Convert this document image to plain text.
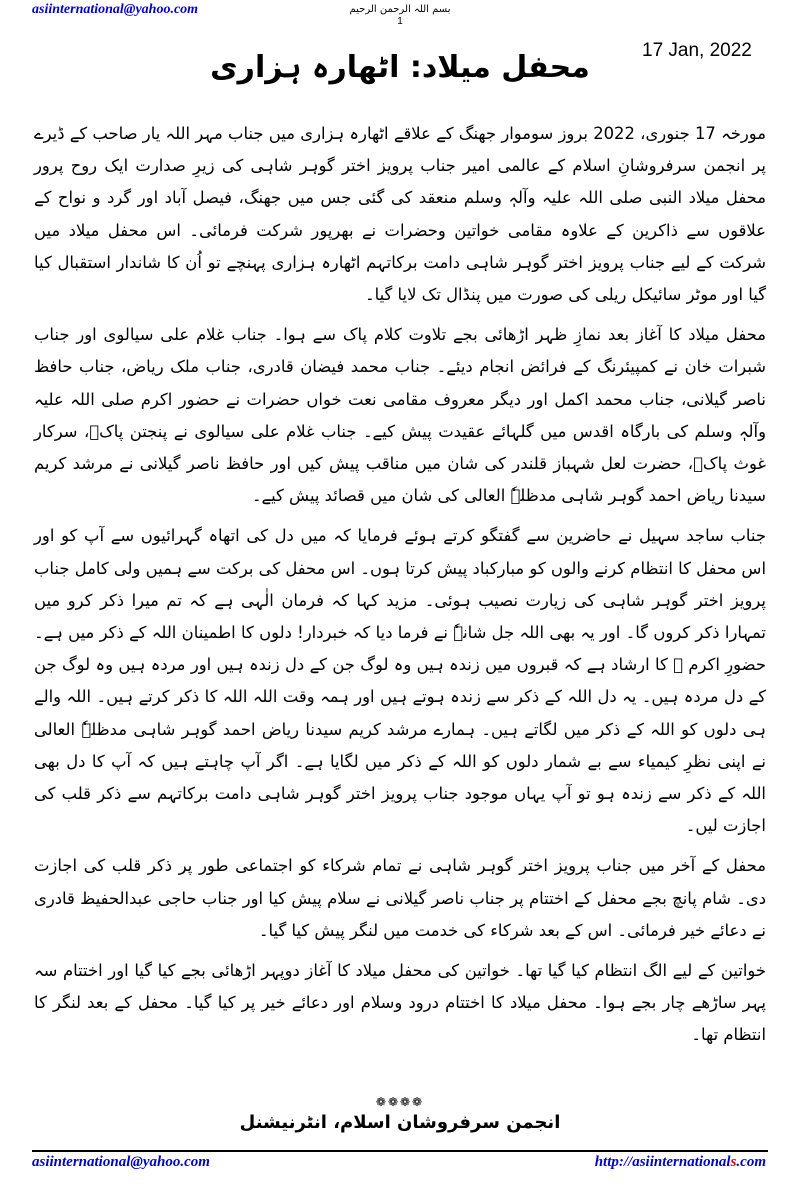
asiinternational@yahoo.com	بسم اللہ الرحمن الرحیم
1
17 Jan, 2022
محفل میلاد: اٹھارہ ہزاری

مورخہ 17 جنوری، 2022 بروز سوموار جھنگ کے علاقے اٹھارہ ہزاری میں جناب مہر اللہ یار صاحب کے ڈیرے پر انجمن سرفروشانِ اسلام کے عالمی امیر جناب پرویز اختر گوہر شاہی کی زیرِ صدارت ایک روح پرور محفل میلاد النبی صلی اللہ علیہ وآلہٖ وسلم منعقد کی گئی جس میں جھنگ، فیصل آباد اور گرد و نواح کے علاقوں سے ذاکرین کے علاوہ مقامی خواتین وحضرات نے بھرپور شرکت فرمائی۔ اس محفل میلاد میں شرکت کے لیے جناب پرویز اختر گوہر شاہی دامت برکاتہم اٹھارہ ہزاری پہنچے تو اُن کا شاندار استقبال کیا گیا اور موٹر سائیکل ریلی کی صورت میں پنڈال تک لایا گیا۔

محفل میلاد کا آغاز بعد نمازِ ظہر اڑھائی بجے تلاوت کلام پاک سے ہوا۔ جناب غلام علی سیالوی اور جناب شبرات خان نے کمپیئرنگ کے فرائض انجام دیئے۔ جناب محمد فیضان قادری، جناب ملک ریاض، جناب حافظ ناصر گیلانی، جناب محمد اکمل اور دیگر معروف مقامی نعت خواں حضرات نے حضور اکرم صلی اللہ علیہ وآلہٖ وسلم کی بارگاہ اقدس میں گلہائے عقیدت پیش کیے۔ جناب غلام علی سیالوی نے پنجتن پاکؑ، سرکار غوث پاکؓ، حضرت لعل شہباز قلندر کی شان میں مناقب پیش کیں اور حافظ ناصر گیلانی نے مرشد کریم سیدنا ریاض احمد گوہر شاہی مدظلہٗ العالی کی شان میں قصائد پیش کیے۔

جناب ساجد سہیل نے حاضرین سے گفتگو کرتے ہوئے فرمایا کہ میں دل کی اتھاہ گہرائیوں سے آپ کو اور اس محفل کا انتظام کرنے والوں کو مبارکباد پیش کرتا ہوں۔ اس محفل کی برکت سے ہمیں ولی کامل جناب پرویز اختر گوہر شاہی کی زیارت نصیب ہوئی۔ مزید کہا کہ فرمان الٰہی ہے کہ تم میرا ذکر کرو میں تمہارا ذکر کروں گا۔ اور یہ بھی اللہ جل شانہٗ نے فرما دیا کہ خبردار! دلوں کا اطمینان اللہ کے ذکر میں ہے۔ حضورِ اکرم ﷺ کا ارشاد ہے کہ قبروں میں زندہ ہیں وہ لوگ جن کے دل زندہ ہیں اور مردہ ہیں وہ لوگ جن کے دل مردہ ہیں۔ یہ دل اللہ کے ذکر سے زندہ ہوتے ہیں اور ہمہ وقت اللہ اللہ کا ذکر کرتے ہیں۔ اللہ والے ہی دلوں کو اللہ کے ذکر میں لگاتے ہیں۔ ہمارے مرشد کریم سیدنا ریاض احمد گوہر شاہی مدظلہٗ العالی نے اپنی نظرِ کیمیاء سے بے شمار دلوں کو اللہ کے ذکر میں لگایا ہے۔ اگر آپ چاہتے ہیں کہ آپ کا دل بھی اللہ کے ذکر سے زندہ ہو تو آپ یہاں موجود جناب پرویز اختر گوہر شاہی دامت برکاتہم سے ذکر قلب کی اجازت لیں۔

محفل کے آخر میں جناب پرویز اختر گوہر شاہی نے تمام شرکاء کو اجتماعی طور پر ذکر قلب کی اجازت دی۔ شام پانچ بجے محفل کے اختتام پر جناب ناصر گیلانی نے سلام پیش کیا اور جناب حاجی عبدالحفیظ قادری نے دعائے خیر فرمائی۔ اس کے بعد شرکاء کی خدمت میں لنگر پیش کیا گیا۔

خواتین کے لیے الگ انتظام کیا گیا تھا۔ خواتین کی محفل میلاد کا آغاز دوپہر اڑھائی بجے کیا گیا اور اختتام سہ پہر ساڑھے چار بجے ہوا۔ محفل میلاد کا اختتام درود وسلام اور دعائے خیر پر کیا گیا۔ محفل کے بعد لنگر کا انتظام تھا۔

❁❁❁❁
انجمن سرفروشان اسلام، انٹرنیشنل
asiinternational@yahoo.com	http://asiinternationals.com
